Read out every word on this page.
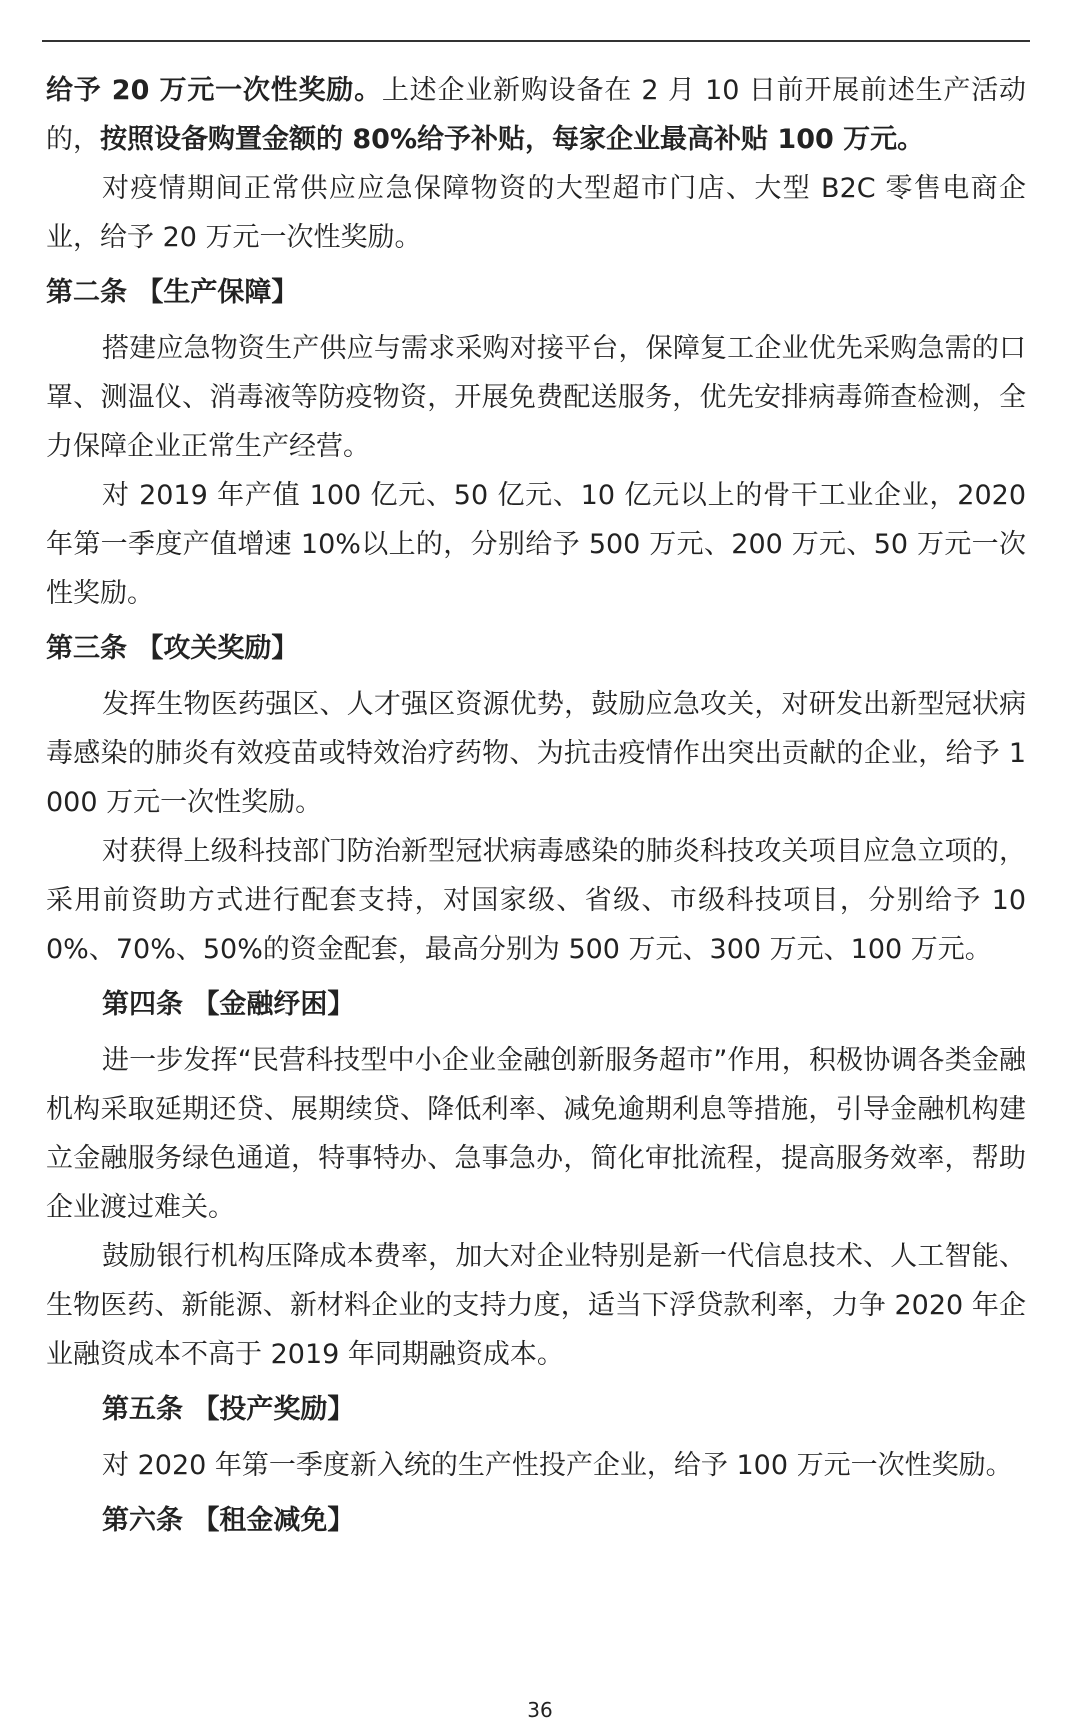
给予 20 万元一次性奖励。上述企业新购设备在 2 月 10 日前开展前述生产活动的，按照设备购置金额的 80%给予补贴，每家企业最高补贴 100 万元。

对疫情期间正常供应应急保障物资的大型超市门店、大型 B2C 零售电商企业，给予 20 万元一次性奖励。

第二条 【生产保障】

搭建应急物资生产供应与需求采购对接平台，保障复工企业优先采购急需的口罩、测温仪、消毒液等防疫物资，开展免费配送服务，优先安排病毒筛查检测，全力保障企业正常生产经营。

对 2019 年产值 100 亿元、50 亿元、10 亿元以上的骨干工业企业，2020 年第一季度产值增速 10%以上的，分别给予 500 万元、200 万元、50 万元一次性奖励。

第三条 【攻关奖励】

发挥生物医药强区、人才强区资源优势，鼓励应急攻关，对研发出新型冠状病毒感染的肺炎有效疫苗或特效治疗药物、为抗击疫情作出突出贡献的企业，给予 1000 万元一次性奖励。

对获得上级科技部门防治新型冠状病毒感染的肺炎科技攻关项目应急立项的，采用前资助方式进行配套支持，对国家级、省级、市级科技项目，分别给予 100%、70%、50%的资金配套，最高分别为 500 万元、300 万元、100 万元。

第四条 【金融纾困】

进一步发挥“民营科技型中小企业金融创新服务超市”作用，积极协调各类金融机构采取延期还贷、展期续贷、降低利率、减免逾期利息等措施，引导金融机构建立金融服务绿色通道，特事特办、急事急办，简化审批流程，提高服务效率，帮助企业渡过难关。

鼓励银行机构压降成本费率，加大对企业特别是新一代信息技术、人工智能、生物医药、新能源、新材料企业的支持力度，适当下浮贷款利率，力争 2020 年企业融资成本不高于 2019 年同期融资成本。

第五条 【投产奖励】

对 2020 年第一季度新入统的生产性投产企业，给予 100 万元一次性奖励。

第六条 【租金减免】
36
